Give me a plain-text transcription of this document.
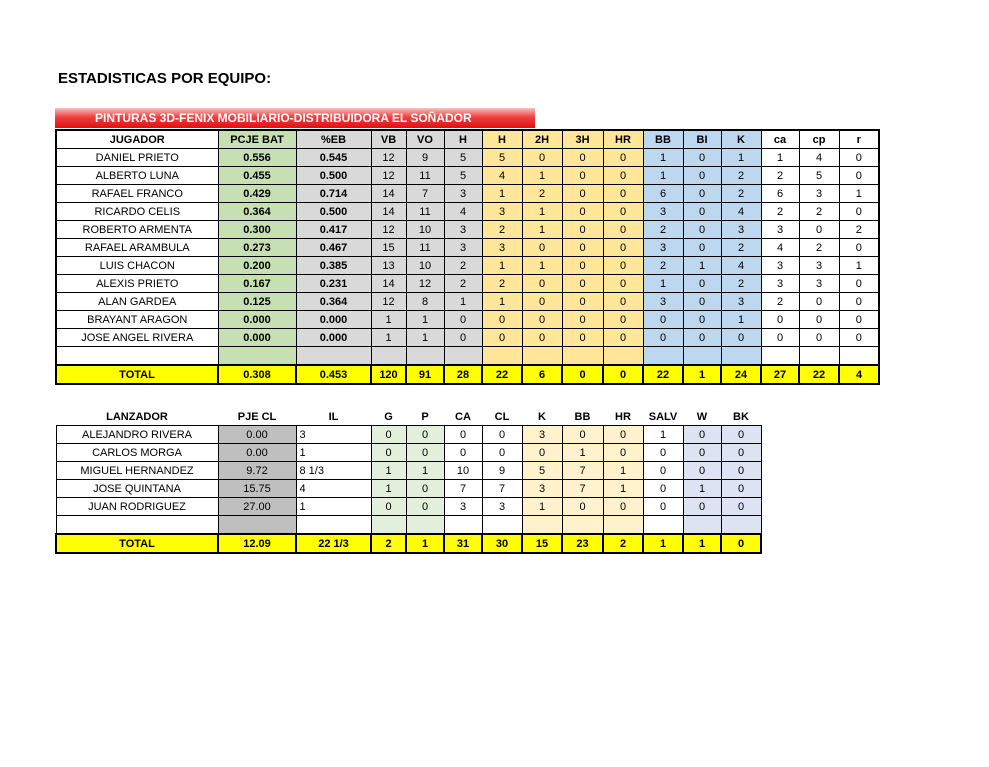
ESTADISTICAS POR EQUIPO:
PINTURAS 3D-FENIX MOBILIARIO-DISTRIBUIDORA EL SOÑADOR
JUGADOR	PCJE BAT	%EB	VB	VO	H	H	2H	3H	HR	BB	BI	K	ca	cp	r
DANIEL PRIETO	0.556	0.545	12	9	5	5	0	0	0	1	0	1	1	4	0
ALBERTO LUNA	0.455	0.500	12	11	5	4	1	0	0	1	0	2	2	5	0
RAFAEL FRANCO	0.429	0.714	14	7	3	1	2	0	0	6	0	2	6	3	1
RICARDO CELIS	0.364	0.500	14	11	4	3	1	0	0	3	0	4	2	2	0
ROBERTO ARMENTA	0.300	0.417	12	10	3	2	1	0	0	2	0	3	3	0	2
RAFAEL ARAMBULA	0.273	0.467	15	11	3	3	0	0	0	3	0	2	4	2	0
LUIS CHACON	0.200	0.385	13	10	2	1	1	0	0	2	1	4	3	3	1
ALEXIS PRIETO	0.167	0.231	14	12	2	2	0	0	0	1	0	2	3	3	0
ALAN GARDEA	0.125	0.364	12	8	1	1	0	0	0	3	0	3	2	0	0
BRAYANT ARAGON	0.000	0.000	1	1	0	0	0	0	0	0	0	1	0	0	0
JOSE ANGEL RIVERA	0.000	0.000	1	1	0	0	0	0	0	0	0	0	0	0	0

TOTAL	0.308	0.453	120	91	28	22	6	0	0	22	1	24	27	22	4
LANZADOR	PJE CL	IL	G	P	CA	CL	K	BB	HR	SALV	W	BK
ALEJANDRO RIVERA	0.00	3	0	0	0	0	3	0	0	1	0	0
CARLOS MORGA	0.00	1	0	0	0	0	0	1	0	0	0	0
MIGUEL HERNANDEZ	9.72	8 1/3	1	1	10	9	5	7	1	0	0	0
JOSE QUINTANA	15.75	4	1	0	7	7	3	7	1	0	1	0
JUAN RODRIGUEZ	27.00	1	0	0	3	3	1	0	0	0	0	0

TOTAL	12.09	22 1/3	2	1	31	30	15	23	2	1	1	0
